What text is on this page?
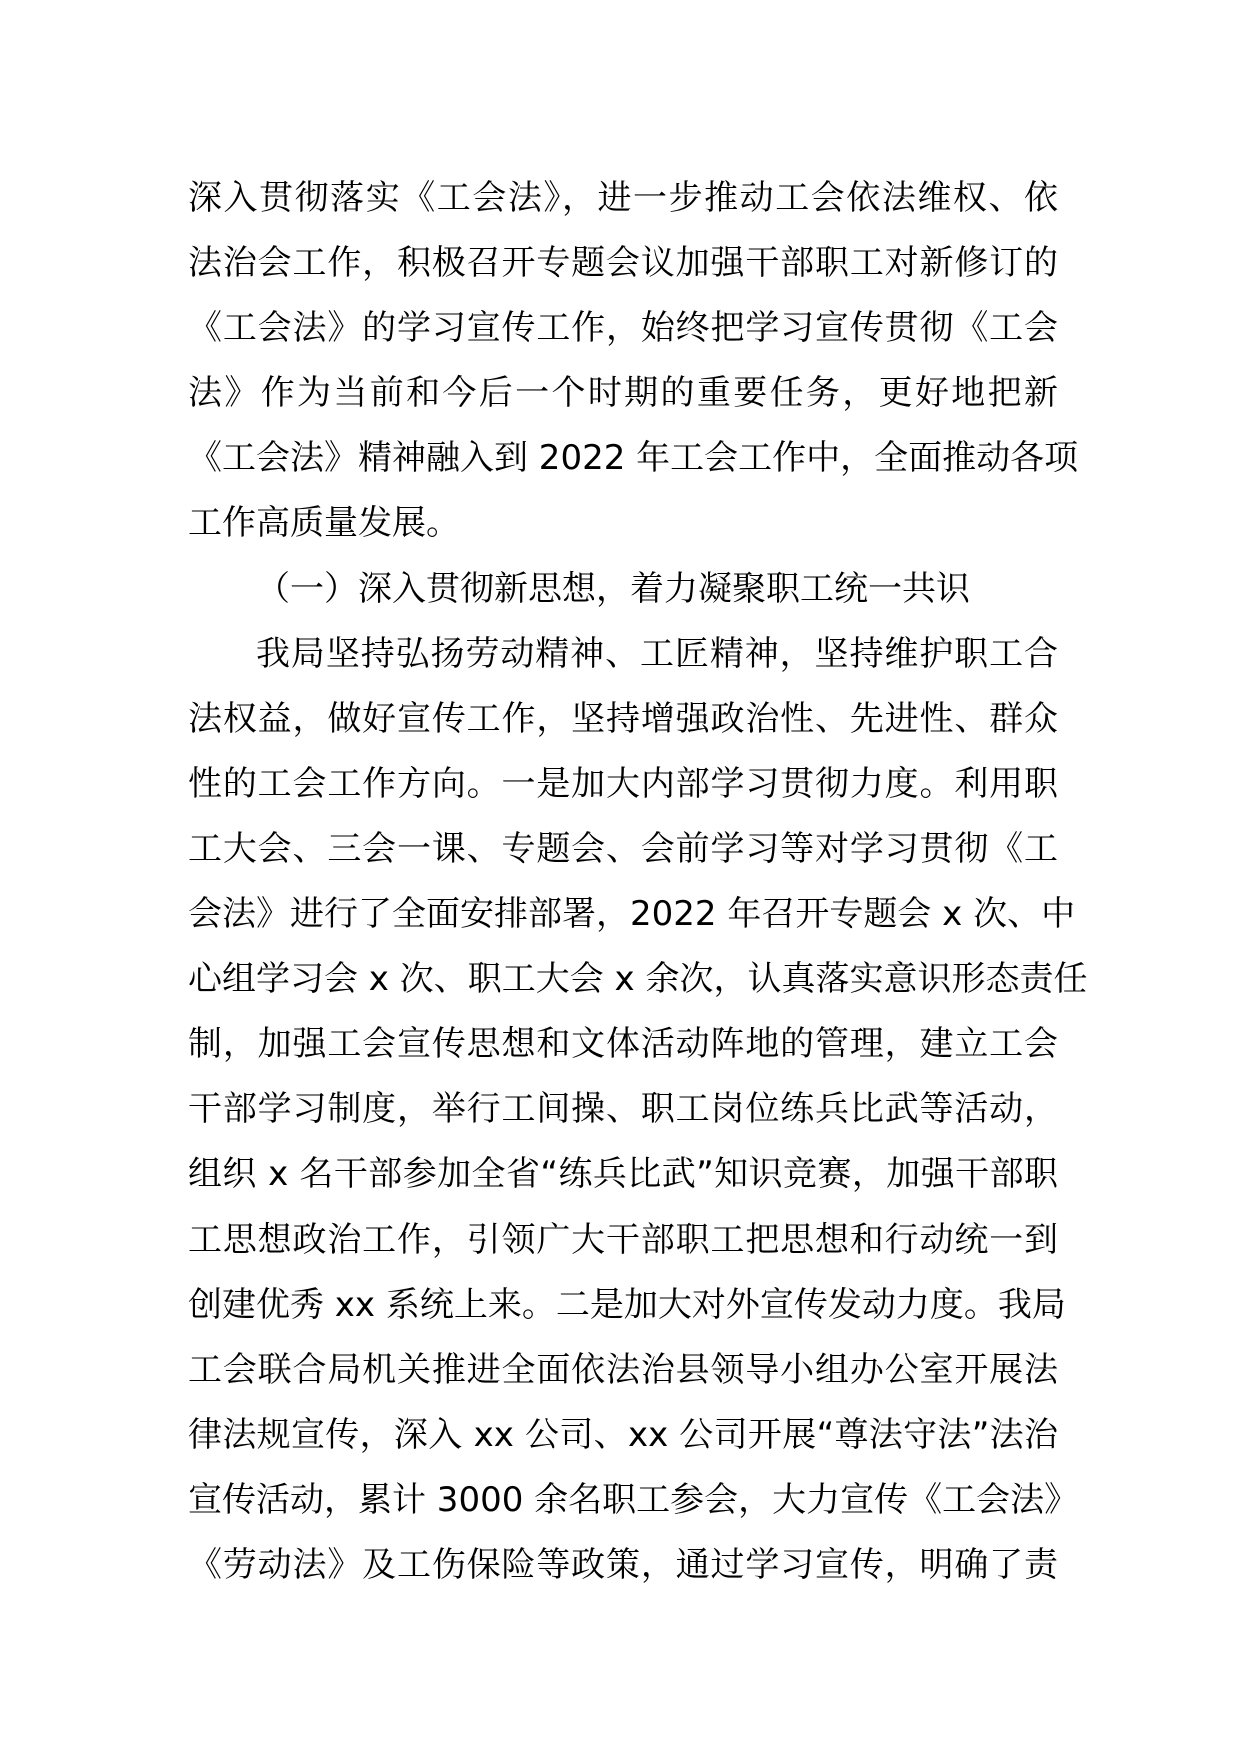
深入贯彻落实《工会法》，进一步推动工会依法维权、依
法治会工作，积极召开专题会议加强干部职工对新修订的
《工会法》的学习宣传工作，始终把学习宣传贯彻《工会
法》作为当前和今后一个时期的重要任务，更好地把新
《工会法》精神融入到 2022 年工会工作中，全面推动各项
工作高质量发展。
（一）深入贯彻新思想，着力凝聚职工统一共识
我局坚持弘扬劳动精神、工匠精神，坚持维护职工合
法权益，做好宣传工作，坚持增强政治性、先进性、群众
性的工会工作方向。一是加大内部学习贯彻力度。利用职
工大会、三会一课、专题会、会前学习等对学习贯彻《工
会法》进行了全面安排部署，2022 年召开专题会 x 次、中
心组学习会 x 次、职工大会 x 余次，认真落实意识形态责任
制，加强工会宣传思想和文体活动阵地的管理，建立工会
干部学习制度，举行工间操、职工岗位练兵比武等活动，
组织 x 名干部参加全省“练兵比武”知识竞赛，加强干部职
工思想政治工作，引领广大干部职工把思想和行动统一到
创建优秀 xx 系统上来。二是加大对外宣传发动力度。我局
工会联合局机关推进全面依法治县领导小组办公室开展法
律法规宣传，深入 xx 公司、xx 公司开展“尊法守法”法治
宣传活动，累计 3000 余名职工参会，大力宣传《工会法》
《劳动法》及工伤保险等政策，通过学习宣传，明确了责
